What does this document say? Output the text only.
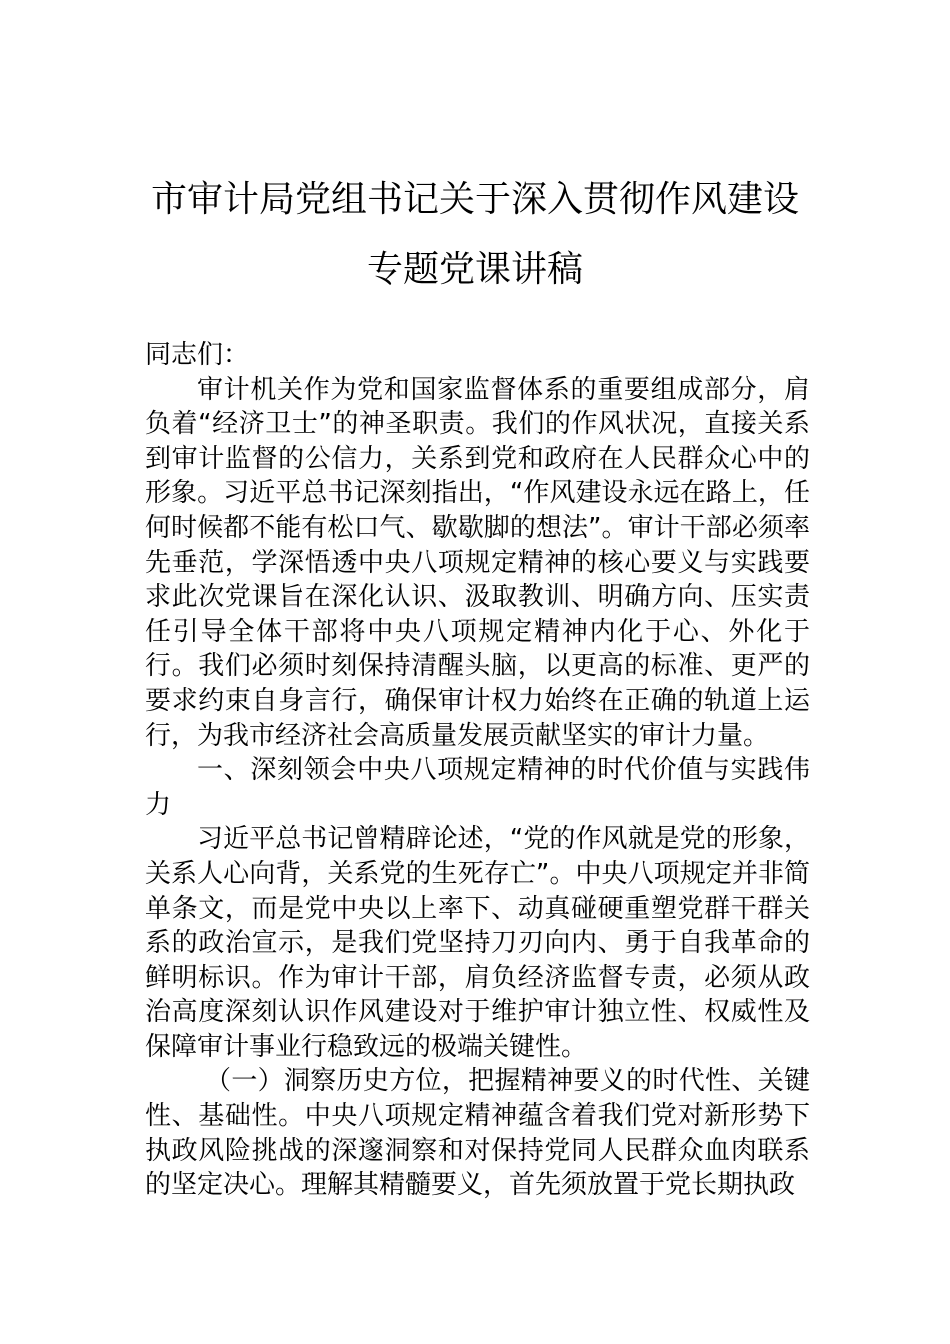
市审计局党组书记关于深入贯彻作风建设
专题党课讲稿

同志们：

审计机关作为党和国家监督体系的重要组成部分，肩负着“经济卫士”的神圣职责。我们的作风状况，直接关系到审计监督的公信力，关系到党和政府在人民群众心中的形象。习近平总书记深刻指出，“作风建设永远在路上，任何时候都不能有松口气、歇歇脚的想法”。审计干部必须率先垂范，学深悟透中央八项规定精神的核心要义与实践要求此次党课旨在深化认识、汲取教训、明确方向、压实责任引导全体干部将中央八项规定精神内化于心、外化于行。我们必须时刻保持清醒头脑，以更高的标准、更严的要求约束自身言行，确保审计权力始终在正确的轨道上运行，为我市经济社会高质量发展贡献坚实的审计力量。

一、深刻领会中央八项规定精神的时代价值与实践伟力

习近平总书记曾精辟论述，“党的作风就是党的形象，关系人心向背，关系党的生死存亡”。中央八项规定并非简单条文，而是党中央以上率下、动真碰硬重塑党群干群关系的政治宣示，是我们党坚持刀刃向内、勇于自我革命的鲜明标识。作为审计干部，肩负经济监督专责，必须从政治高度深刻认识作风建设对于维护审计独立性、权威性及保障审计事业行稳致远的极端关键性。

（一）洞察历史方位，把握精神要义的时代性、关键性、基础性。中央八项规定精神蕴含着我们党对新形势下执政风险挑战的深邃洞察和对保持党同人民群众血肉联系的坚定决心。理解其精髓要义，首先须放置于党长期执政
